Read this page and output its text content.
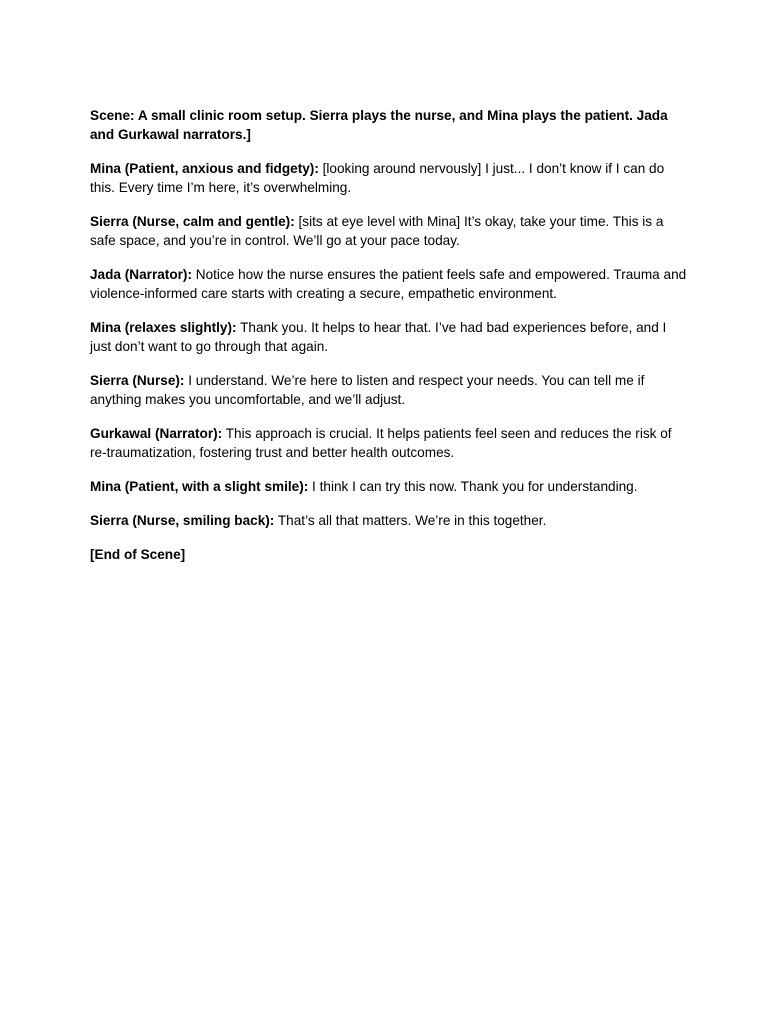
Scene: A small clinic room setup. Sierra plays the nurse, and Mina plays the patient. Jada and Gurkawal narrators.]

Mina (Patient, anxious and fidgety): [looking around nervously] I just... I don’t know if I can do this. Every time I’m here, it’s overwhelming.

Sierra (Nurse, calm and gentle): [sits at eye level with Mina] It’s okay, take your time. This is a safe space, and you’re in control. We’ll go at your pace today.

Jada (Narrator): Notice how the nurse ensures the patient feels safe and empowered. Trauma and violence-informed care starts with creating a secure, empathetic environment.

Mina (relaxes slightly): Thank you. It helps to hear that. I’ve had bad experiences before, and I just don’t want to go through that again.

Sierra (Nurse): I understand. We’re here to listen and respect your needs. You can tell me if anything makes you uncomfortable, and we’ll adjust.

Gurkawal (Narrator): This approach is crucial. It helps patients feel seen and reduces the risk of re-traumatization, fostering trust and better health outcomes.

Mina (Patient, with a slight smile): I think I can try this now. Thank you for understanding.

Sierra (Nurse, smiling back): That’s all that matters. We’re in this together.

[End of Scene]
